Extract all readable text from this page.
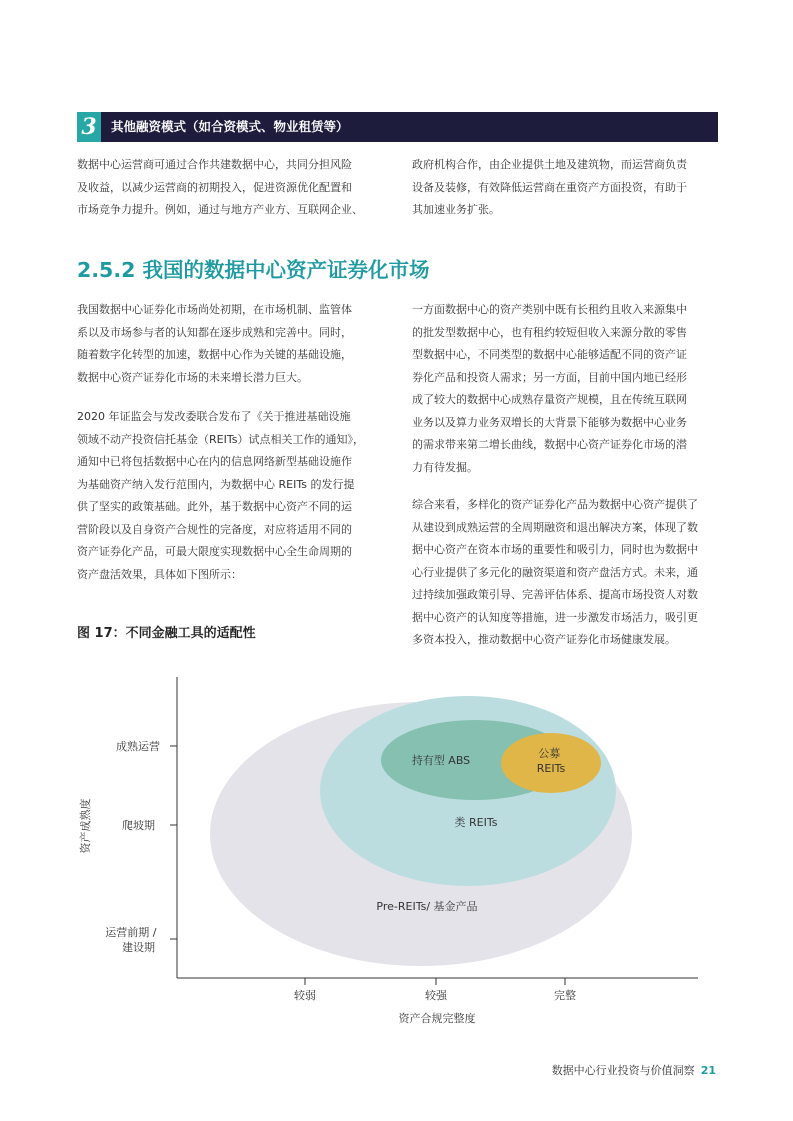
3	其他融资模式（如合资模式、物业租赁等）
数据中心运营商可通过合作共建数据中心，共同分担风险
及收益，以减少运营商的初期投入，促进资源优化配置和
市场竞争力提升。例如，通过与地方产业方、互联网企业、
政府机构合作，由企业提供土地及建筑物，而运营商负责
设备及装修，有效降低运营商在重资产方面投资，有助于
其加速业务扩张。
2.5.2 我国的数据中心资产证券化市场
我国数据中心证券化市场尚处初期，在市场机制、监管体
系以及市场参与者的认知都在逐步成熟和完善中。同时，
随着数字化转型的加速，数据中心作为关键的基础设施，
数据中心资产证券化市场的未来增长潜力巨大。
2020 年证监会与发改委联合发布了《关于推进基础设施
领域不动产投资信托基金（REITs）试点相关工作的通知》，
通知中已将包括数据中心在内的信息网络新型基础设施作
为基础资产纳入发行范围内，为数据中心 REITs 的发行提
供了坚实的政策基础。此外，基于数据中心资产不同的运
营阶段以及自身资产合规性的完备度，对应将适用不同的
资产证券化产品，可最大限度实现数据中心全生命周期的
资产盘活效果，具体如下图所示：
一方面数据中心的资产类别中既有长租约且收入来源集中
的批发型数据中心，也有租约较短但收入来源分散的零售
型数据中心，不同类型的数据中心能够适配不同的资产证
券化产品和投资人需求；另一方面，目前中国内地已经形
成了较大的数据中心成熟存量资产规模，且在传统互联网
业务以及算力业务双增长的大背景下能够为数据中心业务
的需求带来第二增长曲线，数据中心资产证券化市场的潜
力有待发掘。
综合来看，多样化的资产证券化产品为数据中心资产提供了
从建设到成熟运营的全周期融资和退出解决方案，体现了数
据中心资产在资本市场的重要性和吸引力，同时也为数据中
心行业提供了多元化的融资渠道和资产盘活方式。未来，通
过持续加强政策引导、完善评估体系、提高市场投资人对数
据中心资产的认知度等措施，进一步激发市场活力，吸引更
多资本投入，推动数据中心资产证券化市场健康发展。
图 17：不同金融工具的适配性
持有型 ABS
公募 REITs
类 REITs
Pre-REITs/ 基金产品
成熟运营
爬坡期
运营前期 / 建设期
较弱	较强	完整
资产合规完整度
资产成熟度
数据中心行业投资与价值洞察 21
